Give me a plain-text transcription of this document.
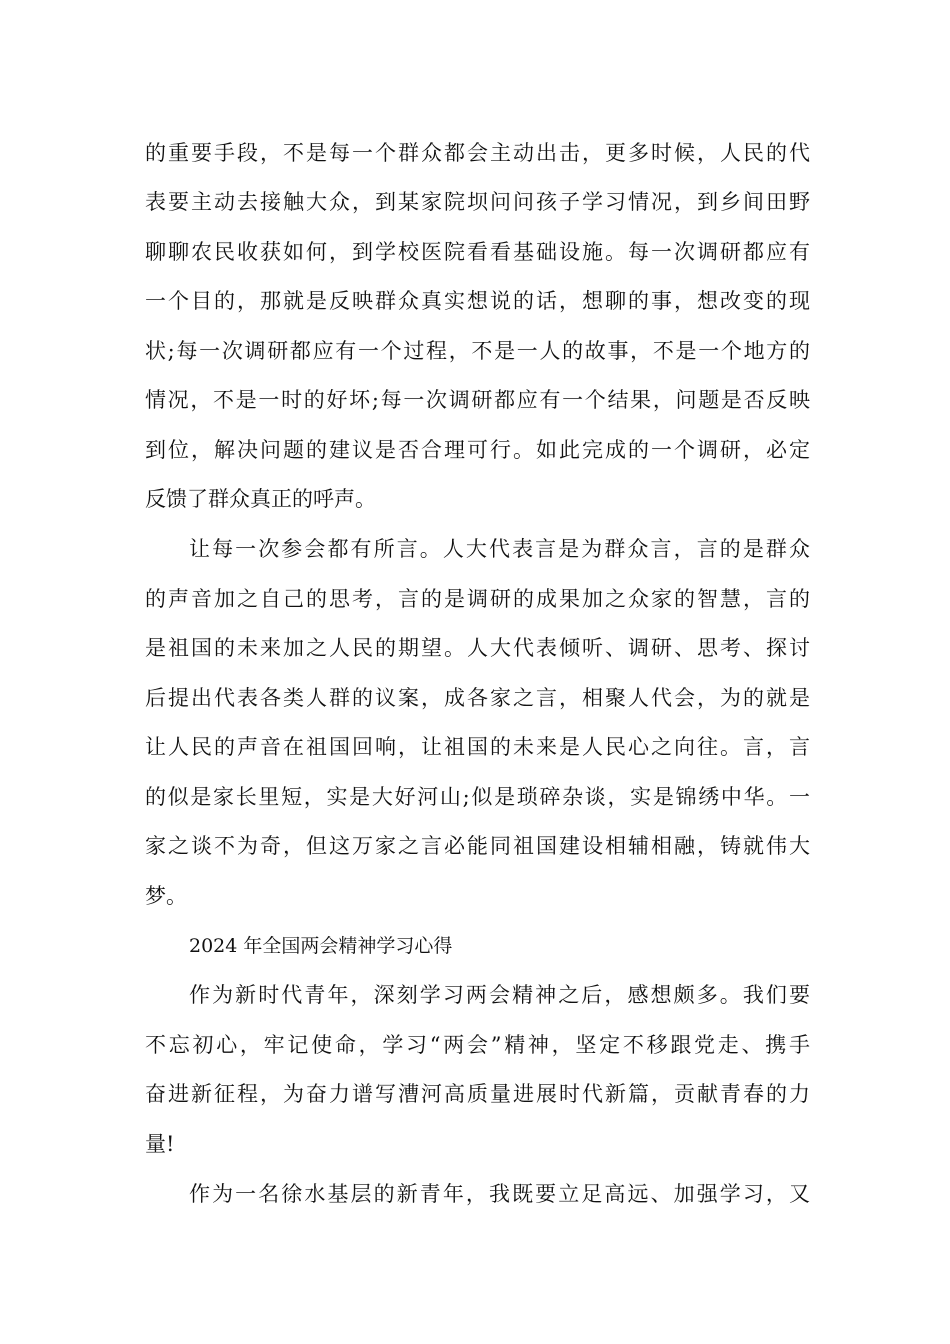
的重要手段，不是每一个群众都会主动出击，更多时候，人民的代
表要主动去接触大众，到某家院坝问问孩子学习情况，到乡间田野
聊聊农民收获如何，到学校医院看看基础设施。每一次调研都应有
一个目的，那就是反映群众真实想说的话，想聊的事，想改变的现
状;每一次调研都应有一个过程，不是一人的故事，不是一个地方的
情况，不是一时的好坏;每一次调研都应有一个结果，问题是否反映
到位，解决问题的建议是否合理可行。如此完成的一个调研，必定
反馈了群众真正的呼声。
让每一次参会都有所言。人大代表言是为群众言，言的是群众
的声音加之自己的思考，言的是调研的成果加之众家的智慧，言的
是祖国的未来加之人民的期望。人大代表倾听、调研、思考、探讨
后提出代表各类人群的议案，成各家之言，相聚人代会，为的就是
让人民的声音在祖国回响，让祖国的未来是人民心之向往。言，言
的似是家长里短，实是大好河山;似是琐碎杂谈，实是锦绣中华。一
家之谈不为奇，但这万家之言必能同祖国建设相辅相融，铸就伟大
梦。
2024 年全国两会精神学习心得
作为新时代青年，深刻学习两会精神之后，感想颇多。我们要
不忘初心，牢记使命，学习“两会”精神，坚定不移跟党走、携手
奋进新征程，为奋力谱写漕河高质量进展时代新篇，贡献青春的力
量!
作为一名徐水基层的新青年，我既要立足高远、加强学习，又
